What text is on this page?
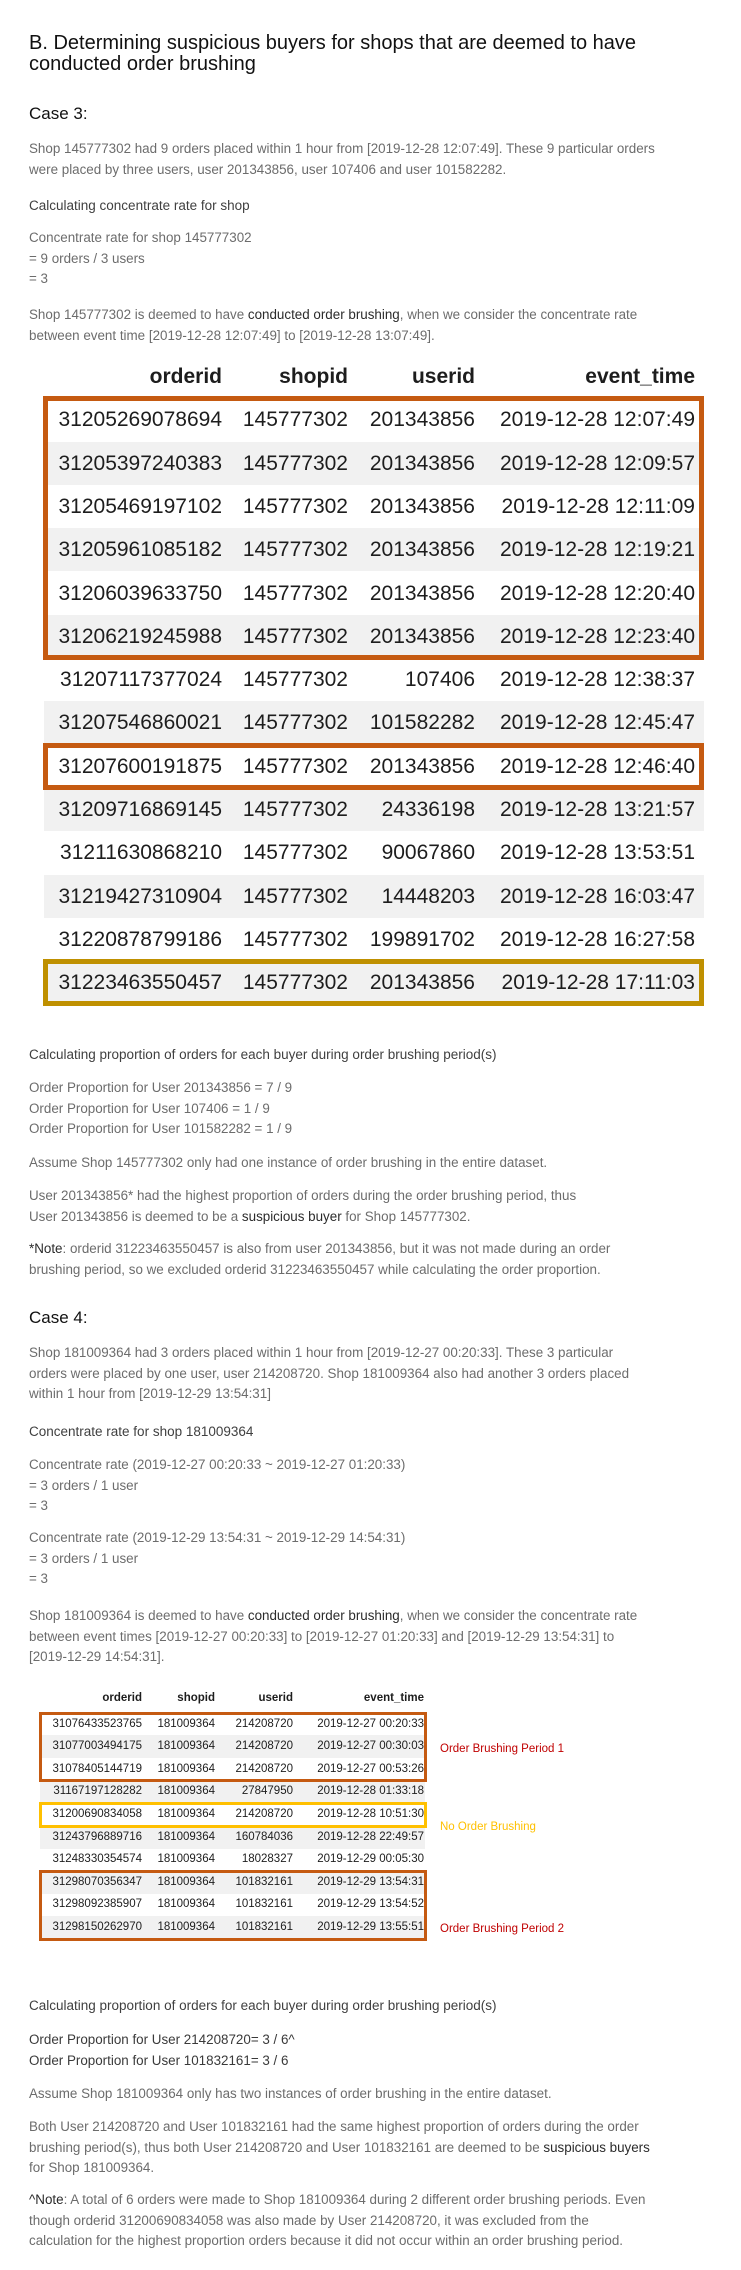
B. Determining suspicious buyers for shops that are deemed to have conducted order brushing
Case 3:
Shop 145777302 had 9 orders placed within 1 hour from [2019-12-28 12:07:49]. These 9 particular orders
were placed by three users, user 201343856, user 107406 and user 101582282.
Calculating concentrate rate for shop
Concentrate rate for shop 145777302
= 9 orders / 3 users
= 3
Shop 145777302 is deemed to have conducted order brushing, when we consider the concentrate rate
between event time [2019-12-28 12:07:49] to [2019-12-28 13:07:49].
orderid	shopid	userid	event_time
31205269078694 145777302 201343856 2019-12-28 12:07:49
31205397240383 145777302 201343856 2019-12-28 12:09:57
31205469197102 145777302 201343856 2019-12-28 12:11:09
31205961085182 145777302 201343856 2019-12-28 12:19:21
31206039633750 145777302 201343856 2019-12-28 12:20:40
31206219245988 145777302 201343856 2019-12-28 12:23:40
31207117377024 145777302	107406 2019-12-28 12:38:37
31207546860021 145777302 101582282 2019-12-28 12:45:47
31207600191875 145777302 201343856 2019-12-28 12:46:40
31209716869145 145777302 24336198 2019-12-28 13:21:57
31211630868210 145777302 90067860 2019-12-28 13:53:51
31219427310904 145777302 14448203 2019-12-28 16:03:47
31220878799186 145777302 199891702 2019-12-28 16:27:58
31223463550457 145777302 201343856 2019-12-28 17:11:03
Calculating proportion of orders for each buyer during order brushing period(s)
Order Proportion for User 201343856 = 7 / 9
Order Proportion for User 107406 = 1 / 9
Order Proportion for User 101582282 = 1 / 9
Assume Shop 145777302 only had one instance of order brushing in the entire dataset.
User 201343856* had the highest proportion of orders during the order brushing period, thus
User 201343856 is deemed to be a suspicious buyer for Shop 145777302.
*Note: orderid 31223463550457 is also from user 201343856, but it was not made during an order
brushing period, so we excluded orderid 31223463550457 while calculating the order proportion.
Case 4:
Shop 181009364 had 3 orders placed within 1 hour from [2019-12-27 00:20:33]. These 3 particular
orders were placed by one user, user 214208720. Shop 181009364 also had another 3 orders placed
within 1 hour from [2019-12-29 13:54:31]
Concentrate rate for shop 181009364
Concentrate rate (2019-12-27 00:20:33 ~ 2019-12-27 01:20:33)
= 3 orders / 1 user
= 3
Concentrate rate (2019-12-29 13:54:31 ~ 2019-12-29 14:54:31)
= 3 orders / 1 user
= 3
Shop 181009364 is deemed to have conducted order brushing, when we consider the concentrate rate
between event times [2019-12-27 00:20:33] to [2019-12-27 01:20:33] and [2019-12-29 13:54:31] to
[2019-12-29 14:54:31].
orderid	shopid	userid	event_time
31076433523765 181009364 214208720 2019-12-27 00:20:33
31077003494175 181009364 214208720 2019-12-27 00:30:03
31078405144719 181009364 214208720 2019-12-27 00:53:26
31167197128282 181009364 27847950 2019-12-28 01:33:18
31200690834058 181009364 214208720 2019-12-28 10:51:30
31243796889716 181009364 160784036 2019-12-28 22:49:57
31248330354574 181009364 18028327 2019-12-29 00:05:30
31298070356347 181009364 101832161 2019-12-29 13:54:31
31298092385907 181009364 101832161 2019-12-29 13:54:52
31298150262970 181009364 101832161 2019-12-29 13:55:51
Order Brushing Period 1
No Order Brushing
Order Brushing Period 2
Calculating proportion of orders for each buyer during order brushing period(s)
Order Proportion for User 214208720= 3 / 6^
Order Proportion for User 101832161= 3 / 6
Assume Shop 181009364 only has two instances of order brushing in the entire dataset.
Both User 214208720 and User 101832161 had the same highest proportion of orders during the order
brushing period(s), thus both User 214208720 and User 101832161 are deemed to be suspicious buyers
for Shop 181009364.
^Note: A total of 6 orders were made to Shop 181009364 during 2 different order brushing periods. Even
though orderid 31200690834058 was also made by User 214208720, it was excluded from the
calculation for the highest proportion orders because it did not occur within an order brushing period.
